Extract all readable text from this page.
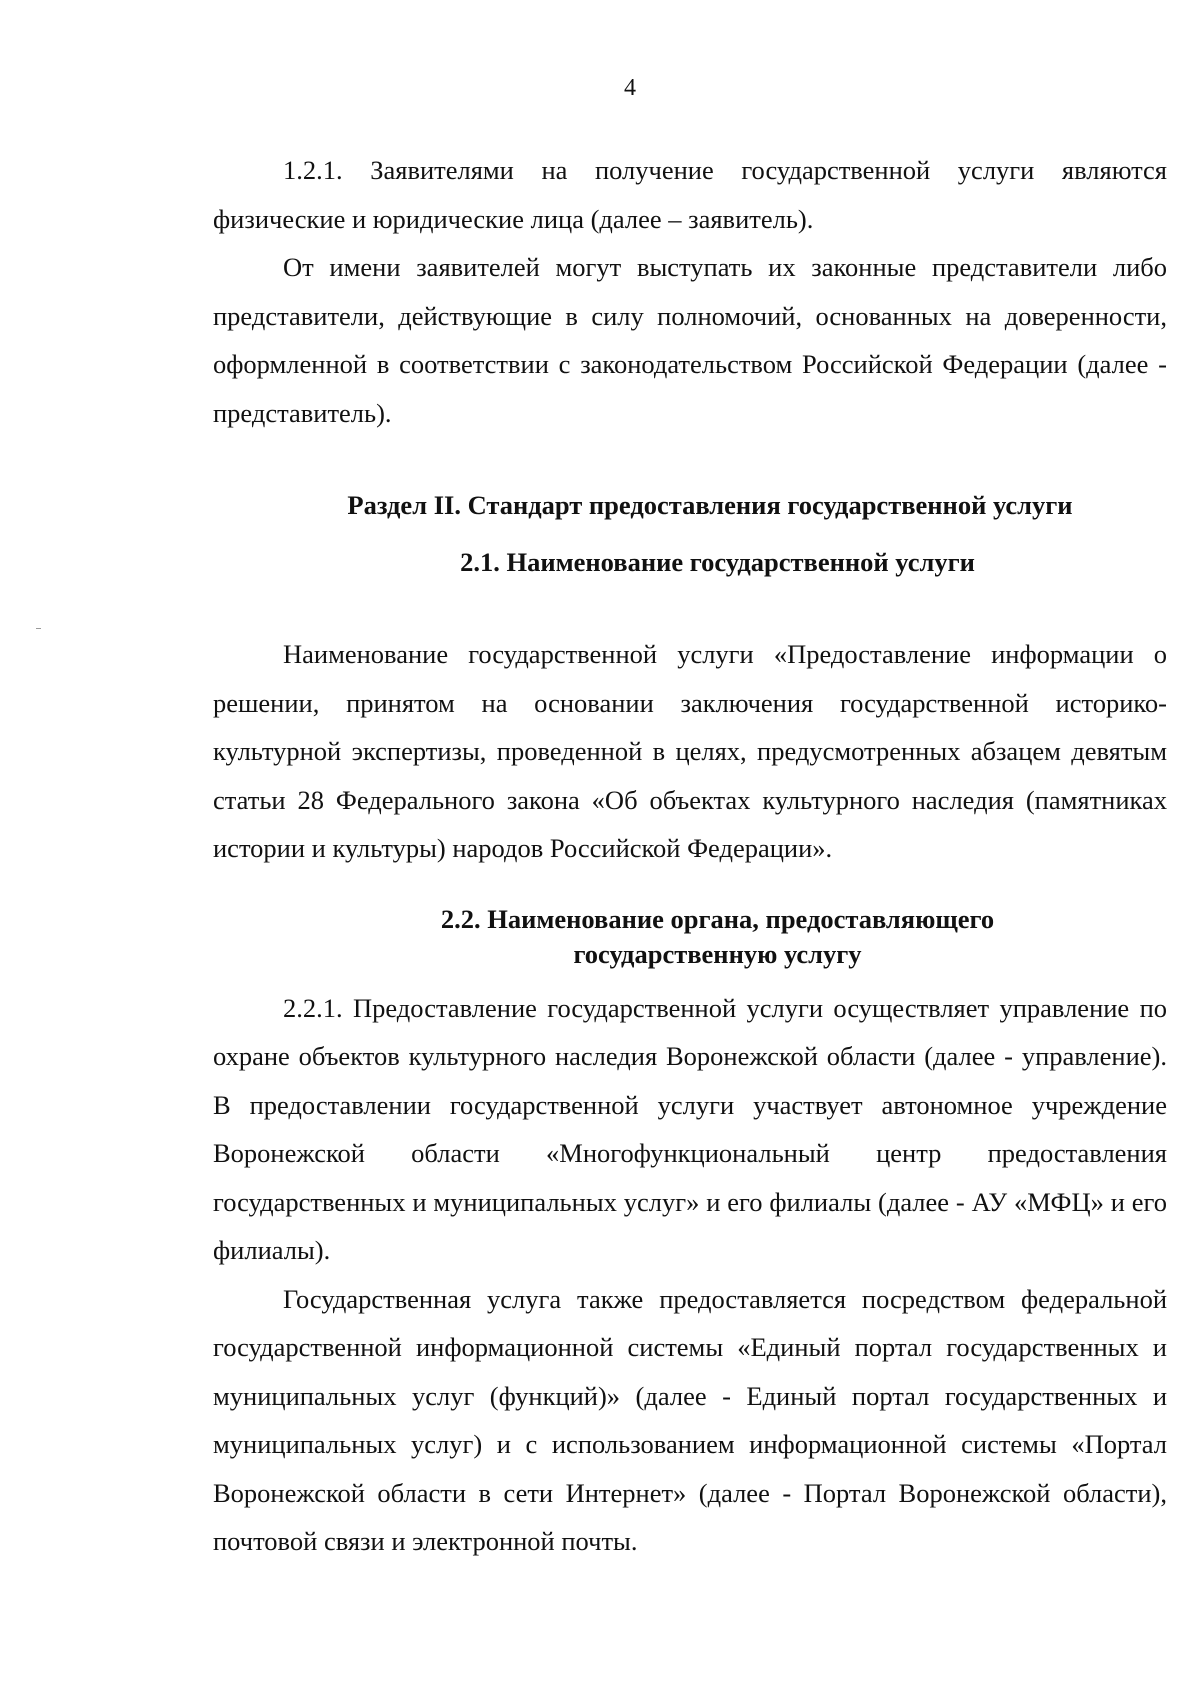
4

1.2.1. Заявителями на получение государственной услуги являются физические и юридические лица (далее – заявитель).

От имени заявителей могут выступать их законные представители либо представители, действующие в силу полномочий, основанных на доверенности, оформленной в соответствии с законодательством Российской Федерации (далее - представитель).

Раздел II. Стандарт предоставления государственной услуги

2.1. Наименование государственной услуги

Наименование государственной услуги «Предоставление информации о решении, принятом на основании заключения государственной историко-культурной экспертизы, проведенной в целях, предусмотренных абзацем девятым статьи 28 Федерального закона «Об объектах культурного наследия (памятниках истории и культуры) народов Российской Федерации».

2.2. Наименование органа, предоставляющего
государственную услугу

2.2.1. Предоставление государственной услуги осуществляет управление по охране объектов культурного наследия Воронежской области (далее - управление). В предоставлении государственной услуги участвует автономное учреждение Воронежской области «Многофункциональный центр предоставления государственных и муниципальных услуг» и его филиалы (далее - АУ «МФЦ» и его филиалы).

Государственная услуга также предоставляется посредством федеральной государственной информационной системы «Единый портал государственных и муниципальных услуг (функций)» (далее - Единый портал государственных и муниципальных услуг) и с использованием информационной системы «Портал Воронежской области в сети Интернет» (далее - Портал Воронежской области), почтовой связи и электронной почты.
